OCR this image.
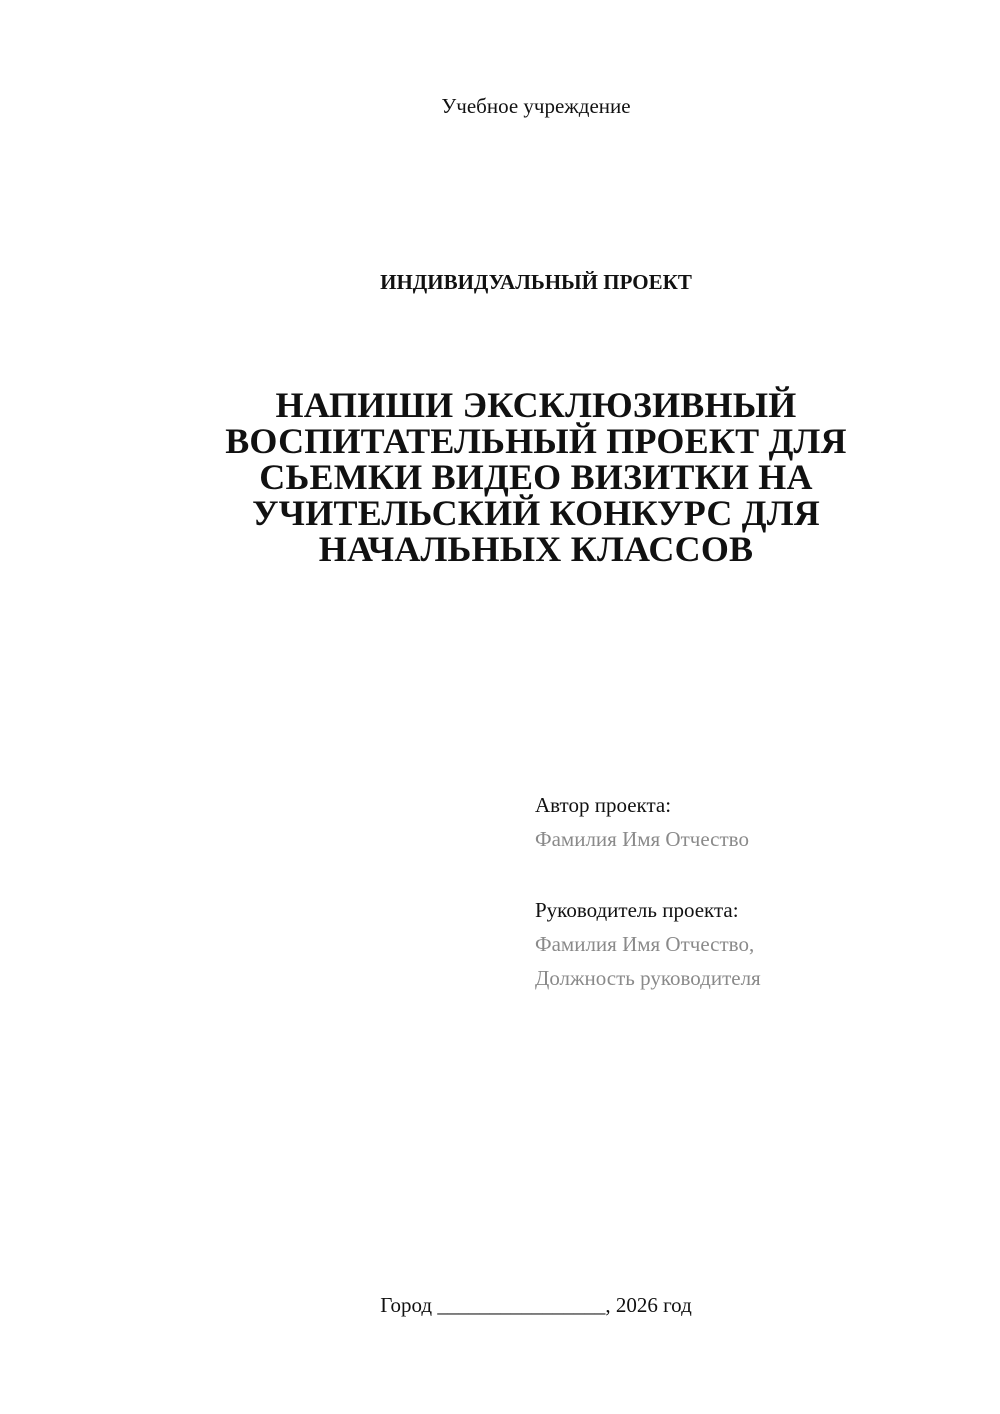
Учебное учреждение
ИНДИВИДУАЛЬНЫЙ ПРОЕКТ
НАПИШИ ЭКСКЛЮЗИВНЫЙ
ВОСПИТАТЕЛЬНЫЙ ПРОЕКТ ДЛЯ
СЬЕМКИ ВИДЕО ВИЗИТКИ НА
УЧИТЕЛЬСКИЙ КОНКУРС ДЛЯ
НАЧАЛЬНЫХ КЛАССОВ
Автор проекта:
Фамилия Имя Отчество
Руководитель проекта:
Фамилия Имя Отчество,
Должность руководителя
Город ________________, 2026 год
